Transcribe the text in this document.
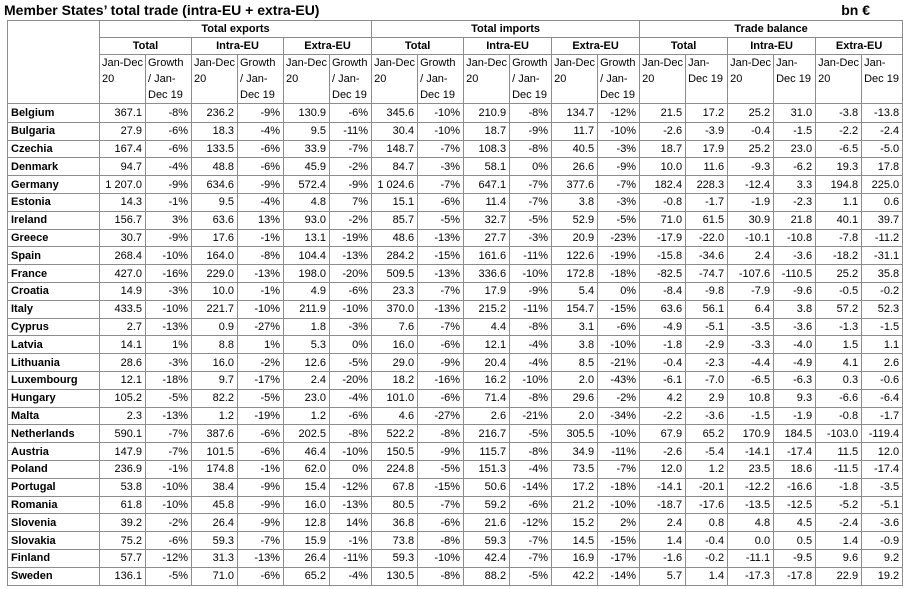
Member States’ total trade (intra-EU + extra-EU)	bn €
	Total exports						Total imports						Trade balance					
	Total		Intra-EU		Extra-EU		Total		Intra-EU		Extra-EU		Total		Intra-EU		Extra-EU	
	Jan-Dec 20	Growth / Jan-Dec 19	Jan-Dec 20	Growth / Jan-Dec 19	Jan-Dec 20	Growth / Jan-Dec 19	Jan-Dec 20	Growth / Jan-Dec 19	Jan-Dec 20	Growth / Jan-Dec 19	Jan-Dec 20	Growth / Jan-Dec 19	Jan-Dec 20	Jan-Dec 19	Jan-Dec 20	Jan-Dec 19	Jan-Dec 20	Jan-Dec 19
Belgium	367.1	-8%	236.2	-9%	130.9	-6%	345.6	-10%	210.9	-8%	134.7	-12%	21.5	17.2	25.2	31.0	-3.8	-13.8
Bulgaria	27.9	-6%	18.3	-4%	9.5	-11%	30.4	-10%	18.7	-9%	11.7	-10%	-2.6	-3.9	-0.4	-1.5	-2.2	-2.4
Czechia	167.4	-6%	133.5	-6%	33.9	-7%	148.7	-7%	108.3	-8%	40.5	-3%	18.7	17.9	25.2	23.0	-6.5	-5.0
Denmark	94.7	-4%	48.8	-6%	45.9	-2%	84.7	-3%	58.1	0%	26.6	-9%	10.0	11.6	-9.3	-6.2	19.3	17.8
Germany	1 207.0	-9%	634.6	-9%	572.4	-9%	1 024.6	-7%	647.1	-7%	377.6	-7%	182.4	228.3	-12.4	3.3	194.8	225.0
Estonia	14.3	-1%	9.5	-4%	4.8	7%	15.1	-6%	11.4	-7%	3.8	-3%	-0.8	-1.7	-1.9	-2.3	1.1	0.6
Ireland	156.7	3%	63.6	13%	93.0	-2%	85.7	-5%	32.7	-5%	52.9	-5%	71.0	61.5	30.9	21.8	40.1	39.7
Greece	30.7	-9%	17.6	-1%	13.1	-19%	48.6	-13%	27.7	-3%	20.9	-23%	-17.9	-22.0	-10.1	-10.8	-7.8	-11.2
Spain	268.4	-10%	164.0	-8%	104.4	-13%	284.2	-15%	161.6	-11%	122.6	-19%	-15.8	-34.6	2.4	-3.6	-18.2	-31.1
France	427.0	-16%	229.0	-13%	198.0	-20%	509.5	-13%	336.6	-10%	172.8	-18%	-82.5	-74.7	-107.6	-110.5	25.2	35.8
Croatia	14.9	-3%	10.0	-1%	4.9	-6%	23.3	-7%	17.9	-9%	5.4	0%	-8.4	-9.8	-7.9	-9.6	-0.5	-0.2
Italy	433.5	-10%	221.7	-10%	211.9	-10%	370.0	-13%	215.2	-11%	154.7	-15%	63.6	56.1	6.4	3.8	57.2	52.3
Cyprus	2.7	-13%	0.9	-27%	1.8	-3%	7.6	-7%	4.4	-8%	3.1	-6%	-4.9	-5.1	-3.5	-3.6	-1.3	-1.5
Latvia	14.1	1%	8.8	1%	5.3	0%	16.0	-6%	12.1	-4%	3.8	-10%	-1.8	-2.9	-3.3	-4.0	1.5	1.1
Lithuania	28.6	-3%	16.0	-2%	12.6	-5%	29.0	-9%	20.4	-4%	8.5	-21%	-0.4	-2.3	-4.4	-4.9	4.1	2.6
Luxembourg	12.1	-18%	9.7	-17%	2.4	-20%	18.2	-16%	16.2	-10%	2.0	-43%	-6.1	-7.0	-6.5	-6.3	0.3	-0.6
Hungary	105.2	-5%	82.2	-5%	23.0	-4%	101.0	-6%	71.4	-8%	29.6	-2%	4.2	2.9	10.8	9.3	-6.6	-6.4
Malta	2.3	-13%	1.2	-19%	1.2	-6%	4.6	-27%	2.6	-21%	2.0	-34%	-2.2	-3.6	-1.5	-1.9	-0.8	-1.7
Netherlands	590.1	-7%	387.6	-6%	202.5	-8%	522.2	-8%	216.7	-5%	305.5	-10%	67.9	65.2	170.9	184.5	-103.0	-119.4
Austria	147.9	-7%	101.5	-6%	46.4	-10%	150.5	-9%	115.7	-8%	34.9	-11%	-2.6	-5.4	-14.1	-17.4	11.5	12.0
Poland	236.9	-1%	174.8	-1%	62.0	0%	224.8	-5%	151.3	-4%	73.5	-7%	12.0	1.2	23.5	18.6	-11.5	-17.4
Portugal	53.8	-10%	38.4	-9%	15.4	-12%	67.8	-15%	50.6	-14%	17.2	-18%	-14.1	-20.1	-12.2	-16.6	-1.8	-3.5
Romania	61.8	-10%	45.8	-9%	16.0	-13%	80.5	-7%	59.2	-6%	21.2	-10%	-18.7	-17.6	-13.5	-12.5	-5.2	-5.1
Slovenia	39.2	-2%	26.4	-9%	12.8	14%	36.8	-6%	21.6	-12%	15.2	2%	2.4	0.8	4.8	4.5	-2.4	-3.6
Slovakia	75.2	-6%	59.3	-7%	15.9	-1%	73.8	-8%	59.3	-7%	14.5	-15%	1.4	-0.4	0.0	0.5	1.4	-0.9
Finland	57.7	-12%	31.3	-13%	26.4	-11%	59.3	-10%	42.4	-7%	16.9	-17%	-1.6	-0.2	-11.1	-9.5	9.6	9.2
Sweden	136.1	-5%	71.0	-6%	65.2	-4%	130.5	-8%	88.2	-5%	42.2	-14%	5.7	1.4	-17.3	-17.8	22.9	19.2
